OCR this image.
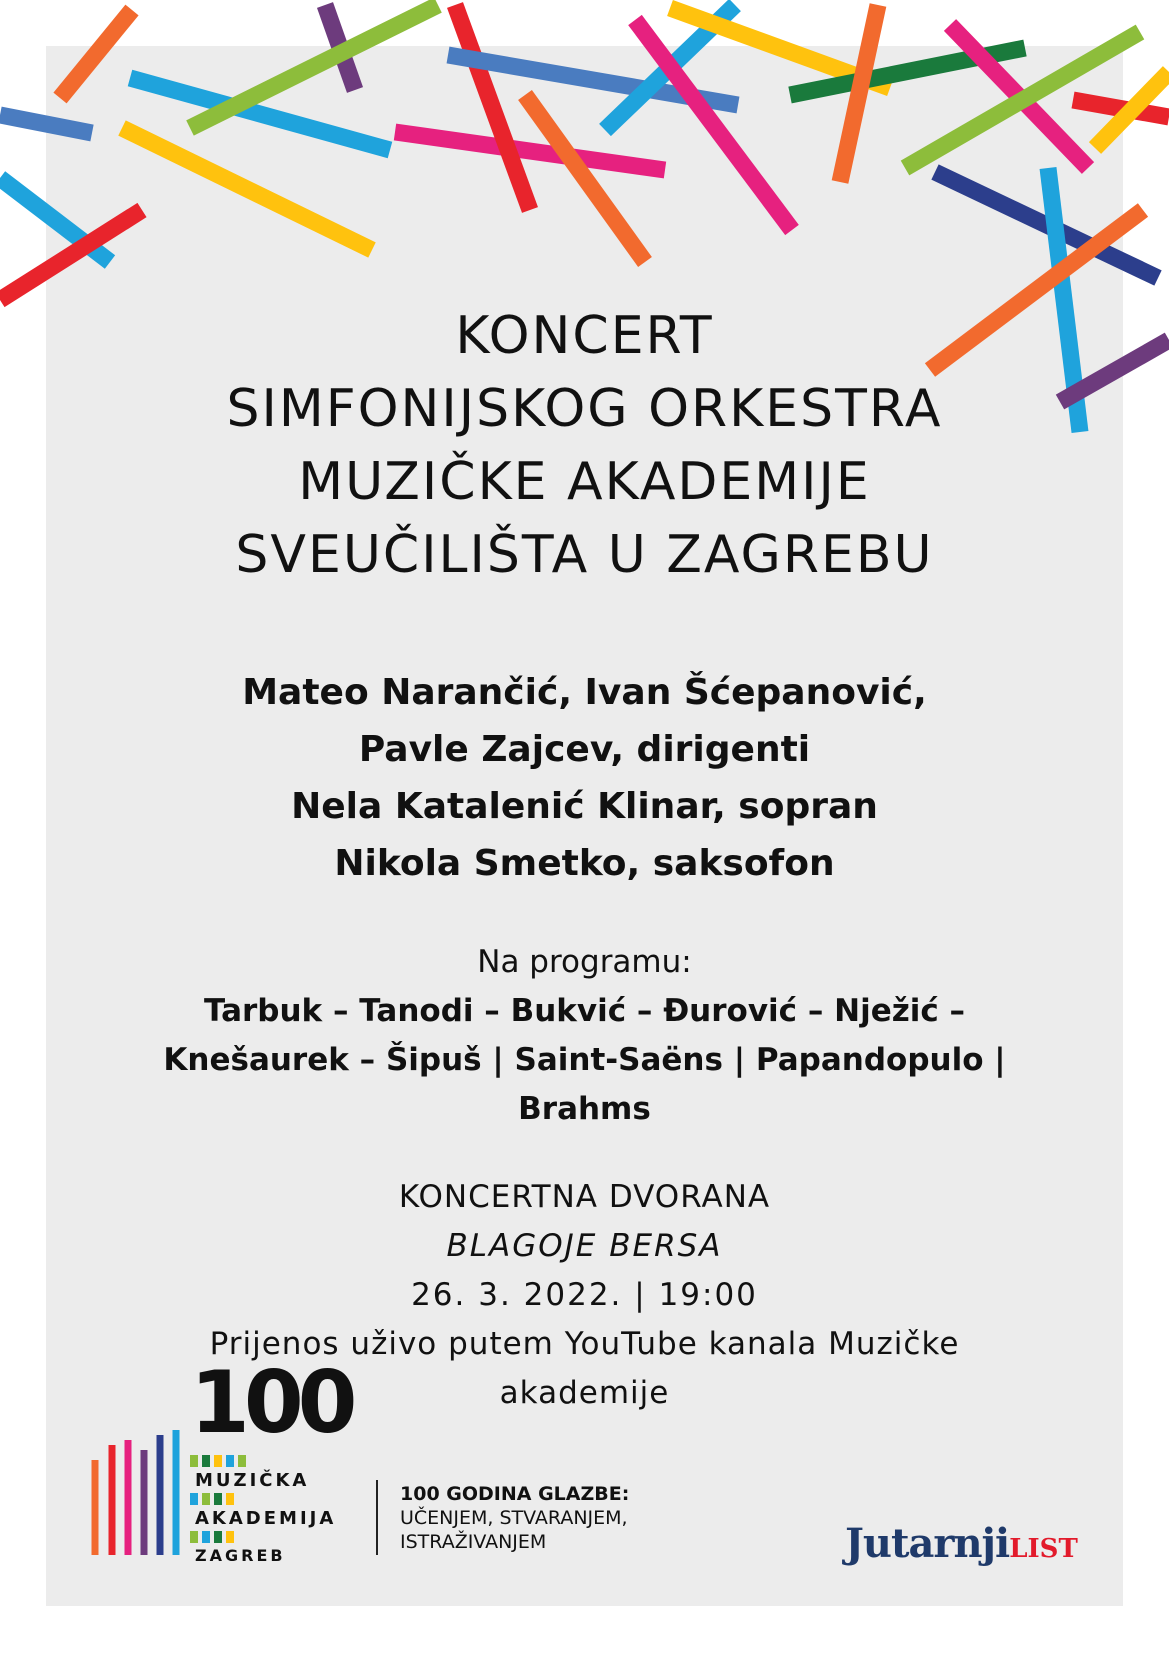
KONCERT
SIMFONIJSKOG ORKESTRA
MUZIČKE AKADEMIJE
SVEUČILIŠTA U ZAGREBU
Mateo Narančić, Ivan Šćepanović,
Pavle Zajcev, dirigenti
Nela Katalenić Klinar, sopran
Nikola Smetko, saksofon
Na programu:
Tarbuk – Tanodi – Bukvić – Đurović – Nježić –
Knešaurek – Šipuš | Saint-Saëns | Papandopulo |
Brahms
KONCERTNA DVORANA
BLAGOJE BERSA
26. 3. 2022. | 19:00
Prijenos uživo putem YouTube kanala Muzičke
akademije
100
MUZIČKA
AKADEMIJA
ZAGREB
100 GODINA GLAZBE:
UČENJEM, STVARANJEM,
ISTRAŽIVANJEM	JutarnjiLIST
